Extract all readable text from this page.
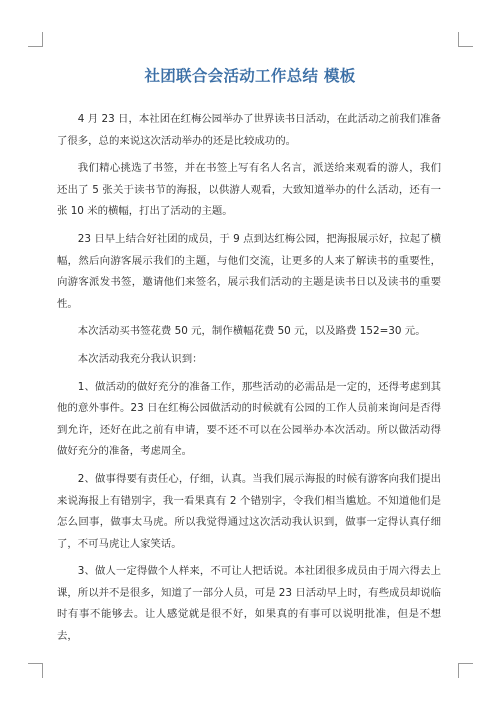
社团联合会活动工作总结 模板

4 月 23 日，本社团在红梅公园举办了世界读书日活动，在此活动之前我们准备了很多，总的来说这次活动举办的还是比较成功的。

我们精心挑选了书签，并在书签上写有名人名言，派送给来观看的游人，我们还出了 5 张关于读书节的海报，以供游人观看，大致知道举办的什么活动，还有一张 10 米的横幅，打出了活动的主题。

23 日早上结合好社团的成员，于 9 点到达红梅公园，把海报展示好，拉起了横幅，然后向游客展示我们的主题，与他们交流，让更多的人来了解读书的重要性，向游客派发书签，邀请他们来签名，展示我们活动的主题是读书日以及读书的重要性。

本次活动买书签花费 50 元，制作横幅花费 50 元，以及路费 152=30 元。

本次活动我充分我认识到：

1、做活动的做好充分的准备工作，那些活动的必需品是一定的，还得考虑到其他的意外事件。23 日在红梅公园做活动的时候就有公园的工作人员前来询问是否得到允许，还好在此之前有申请，要不还不可以在公园举办本次活动。所以做活动得做好充分的准备，考虑周全。

2、做事得要有责任心，仔细，认真。当我们展示海报的时候有游客向我们提出来说海报上有错别字，我一看果真有 2 个错别字，令我们相当尴尬。不知道他们是怎么回事，做事太马虎。所以我觉得通过这次活动我认识到，做事一定得认真仔细了，不可马虎让人家笑话。

3、做人一定得做个人样来，不可让人把话说。本社团很多成员由于周六得去上课，所以并不是很多，知道了一部分人员，可是 23 日活动早上时，有些成员却说临时有事不能够去。让人感觉就是很不好，如果真的有事可以说明批准，但是不想去，
